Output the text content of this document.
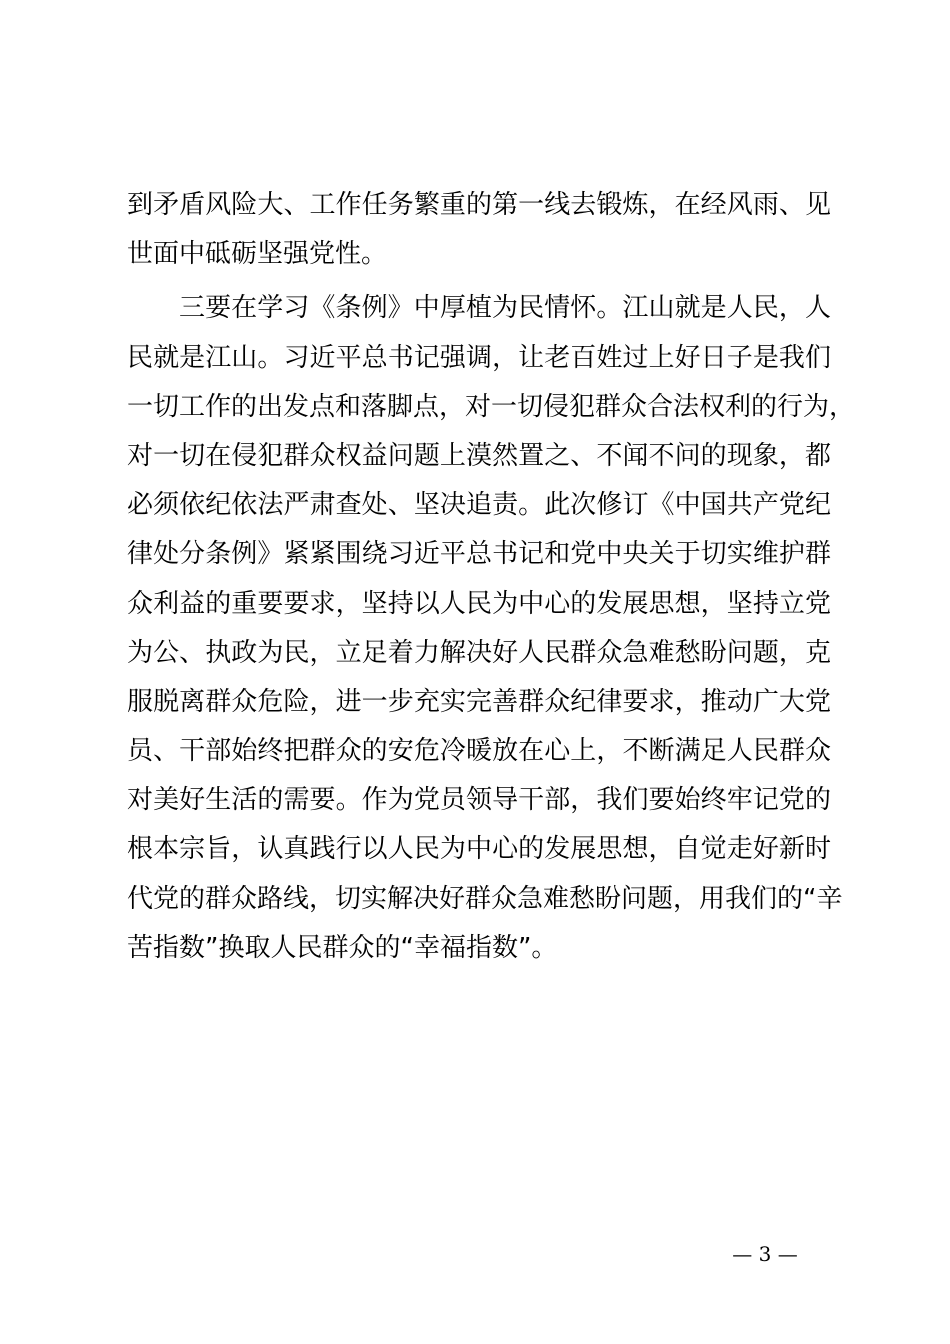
到矛盾风险大、工作任务繁重的第一线去锻炼，在经风雨、见
世面中砥砺坚强党性。
三要在学习《条例》中厚植为民情怀。江山就是人民，人
民就是江山。习近平总书记强调，让老百姓过上好日子是我们
一切工作的出发点和落脚点，对一切侵犯群众合法权利的行为，
对一切在侵犯群众权益问题上漠然置之、不闻不问的现象，都
必须依纪依法严肃查处、坚决追责。此次修订《中国共产党纪
律处分条例》紧紧围绕习近平总书记和党中央关于切实维护群
众利益的重要要求，坚持以人民为中心的发展思想，坚持立党
为公、执政为民，立足着力解决好人民群众急难愁盼问题，克
服脱离群众危险，进一步充实完善群众纪律要求，推动广大党
员、干部始终把群众的安危冷暖放在心上，不断满足人民群众
对美好生活的需要。作为党员领导干部，我们要始终牢记党的
根本宗旨，认真践行以人民为中心的发展思想，自觉走好新时
代党的群众路线，切实解决好群众急难愁盼问题，用我们的“辛
苦指数”换取人民群众的“幸福指数”。
— 3 —
